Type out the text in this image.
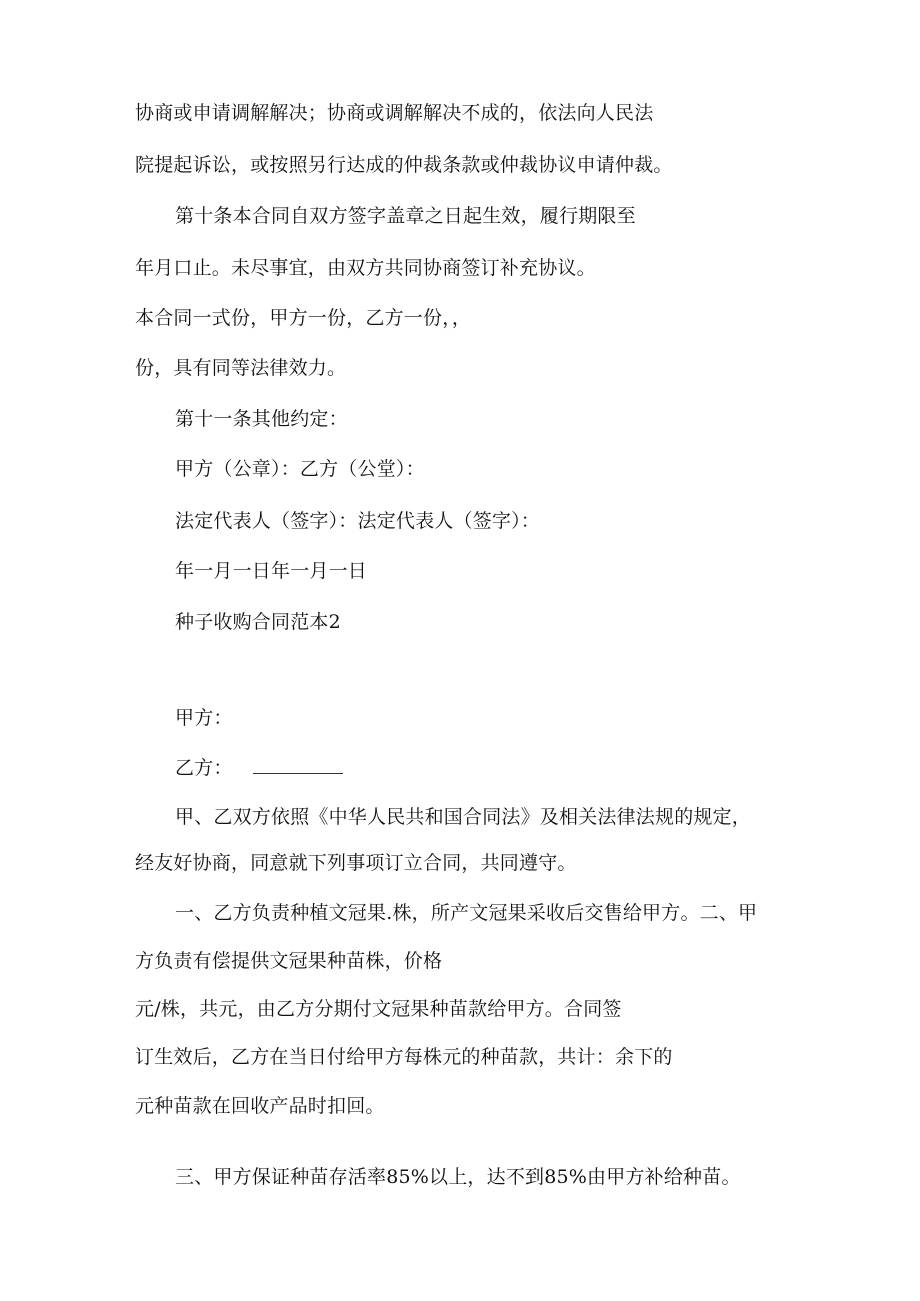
协商或申请调解解决；协商或调解解决不成的，依法向人民法

院提起诉讼，或按照另行达成的仲裁条款或仲裁协议申请仲裁。

第十条本合同自双方签字盖章之日起生效，履行期限至

年月口止。未尽事宜，由双方共同协商签订补充协议。

本合同一式份，甲方一份，乙方一份，，

份，具有同等法律效力。

第十一条其他约定：

甲方（公章）：乙方（公堂）：

法定代表人（签字）：法定代表人（签字）：

年一月一日年一月一日

种子收购合同范本2

甲方：

乙方：

甲、乙双方依照《中华人民共和国合同法》及相关法律法规的规定，

经友好协商，同意就下列事项订立合同，共同遵守。

一、乙方负责种植文冠果.株，所产文冠果采收后交售给甲方。二、甲

方负责有偿提供文冠果种苗株，价格

元/株，共元，由乙方分期付文冠果种苗款给甲方。合同签

订生效后，乙方在当日付给甲方每株元的种苗款，共计：余下的

元种苗款在回收产品时扣回。

三、甲方保证种苗存活率85%以上，达不到85%由甲方补给种苗。
